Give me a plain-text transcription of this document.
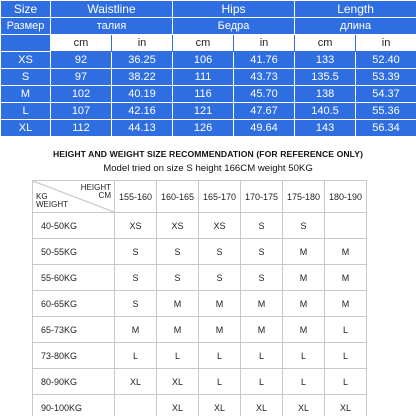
Size	Waistline		Hips		Length	
Размер	талия		Бедра		длина	
	cm	in	cm	in	cm	in
XS	92	36.25	106	41.76	133	52.40
S	97	38.22	111	43.73	135.5	53.39
M	102	40.19	116	45.70	138	54.37
L	107	42.16	121	47.67	140.5	55.36
XL	112	44.13	126	49.64	143	56.34
HEIGHT AND WEIGHT SIZE RECOMMENDATION (FOR REFERENCE ONLY)
Model tried on size S height 166CM weight 50KG
HEIGHT
CM
KG
WEIGHT	155-160	160-165	165-170	170-175	175-180	180-190
40-50KG	XS	XS	XS	S	S	
50-55KG	S	S	S	S	M	M
55-60KG	S	S	S	S	M	M
60-65KG	S	M	M	M	M	M
65-73KG	M	M	M	M	M	L
73-80KG	L	L	L	L	L	L
80-90KG	XL	XL	L	L	L	L
90-100KG		XL	XL	XL	XL	XL
